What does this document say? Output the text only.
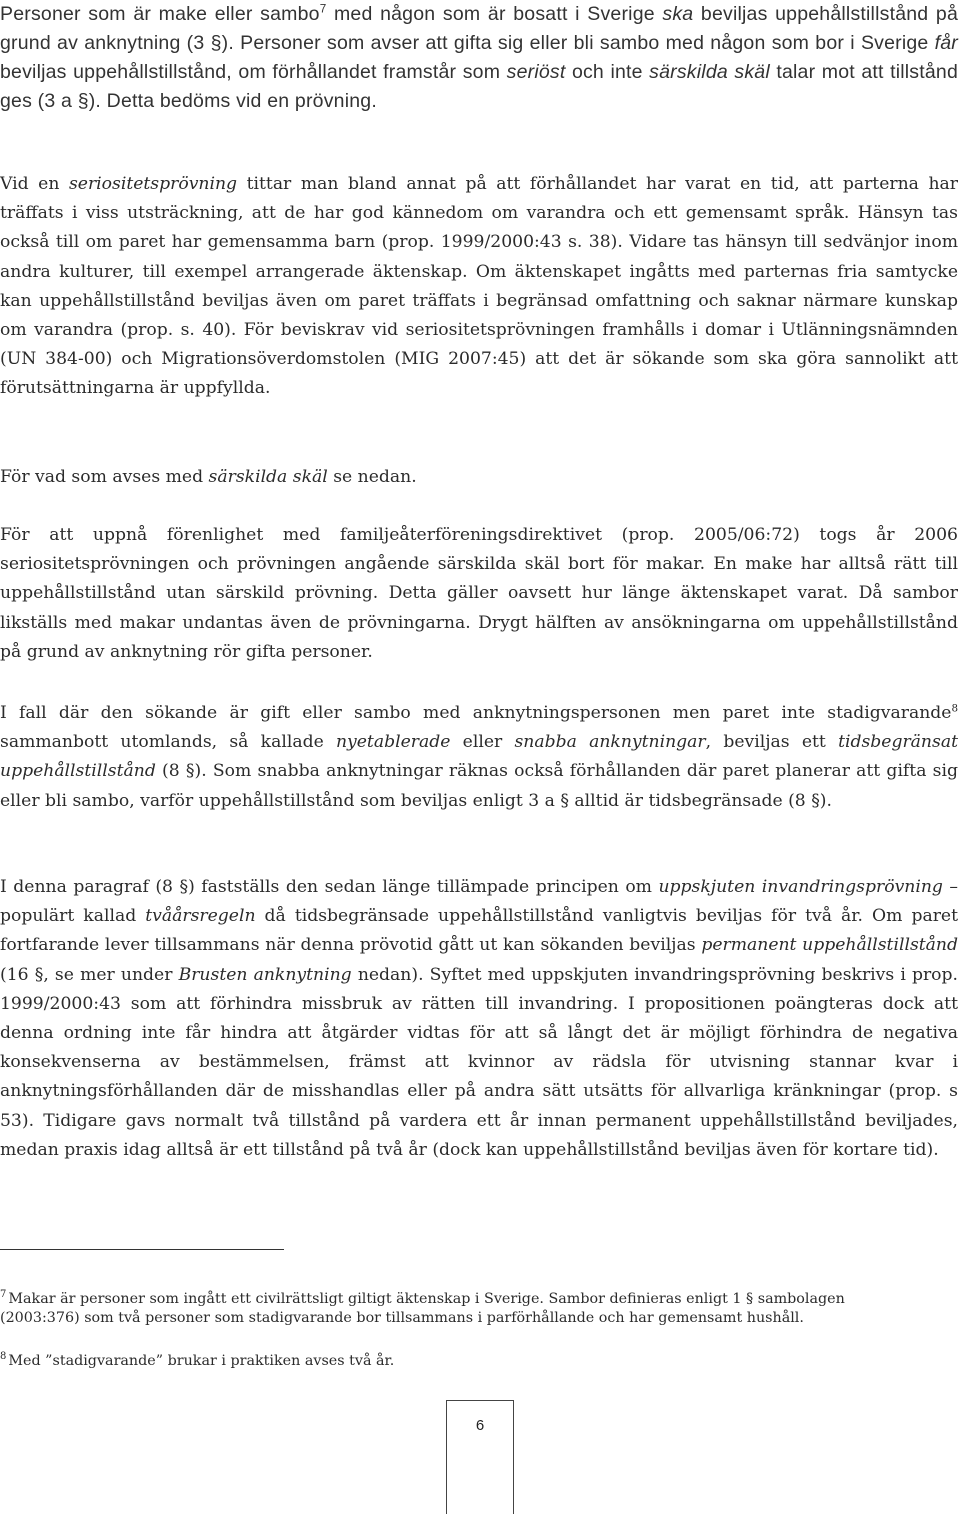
Personer som är make eller sambo$^7$ med någon som är bosatt i Sverige ska beviljas uppehållstillstånd på grund av anknytning (3 §). Personer som avser att gifta sig eller bli sambo med någon som bor i Sverige får beviljas uppehållstillstånd, om förhållandet framstår som seriöst och inte särskilda skäl talar mot att tillstånd ges (3 a §). Detta bedöms vid en prövning.

Vid en seriositetsprövning tittar man bland annat på att förhållandet har varat en tid, att parterna har träffats i viss utsträckning, att de har god kännedom om varandra och ett gemensamt språk. Hänsyn tas också till om paret har gemensamma barn (prop. 1999/2000:43 s. 38). Vidare tas hänsyn till sedvänjor inom andra kulturer, till exempel arrangerade äktenskap. Om äktenskapet ingåtts med parternas fria samtycke kan uppehållstillstånd beviljas även om paret träffats i begränsad omfattning och saknar närmare kunskap om varandra (prop. s. 40). För beviskrav vid seriositetsprövningen framhålls i domar i Utlänningsnämnden (UN 384-00) och Migrationsöverdomstolen (MIG 2007:45) att det är sökande som ska göra sannolikt att förutsättningarna är uppfyllda.

För vad som avses med särskilda skäl se nedan.

För att uppnå förenlighet med familjeåterföreningsdirektivet (prop. 2005/06:72) togs år 2006 seriositetsprövningen och prövningen angående särskilda skäl bort för makar. En make har alltså rätt till uppehållstillstånd utan särskild prövning. Detta gäller oavsett hur länge äktenskapet varat. Då sambor likställs med makar undantas även de prövningarna. Drygt hälften av ansökningarna om uppehållstillstånd på grund av anknytning rör gifta personer.

I fall där den sökande är gift eller sambo med anknytningspersonen men paret inte stadigvarande$^8$ sammanbott utomlands, så kallade nyetablerade eller snabba anknytningar, beviljas ett tidsbegränsat uppehållstillstånd (8 §). Som snabba anknytningar räknas också förhållanden där paret planerar att gifta sig eller bli sambo, varför uppehållstillstånd som beviljas enligt 3 a § alltid är tidsbegränsade (8 §).

I denna paragraf (8 §) fastställs den sedan länge tillämpade principen om uppskjuten invandringsprövning – populärt kallad tvåårsregeln då tidsbegränsade uppehållstillstånd vanligtvis beviljas för två år. Om paret fortfarande lever tillsammans när denna prövotid gått ut kan sökanden beviljas permanent uppehållstillstånd (16 §, se mer under Brusten anknytning nedan). Syftet med uppskjuten invandringsprövning beskrivs i prop. 1999/2000:43 som att förhindra missbruk av rätten till invandring. I propositionen poängteras dock att denna ordning inte får hindra att åtgärder vidtas för att så långt det är möjligt förhindra de negativa konsekvenserna av bestämmelsen, främst att kvinnor av rädsla för utvisning stannar kvar i anknytningsförhållanden där de misshandlas eller på andra sätt utsätts för allvarliga kränkningar (prop. s 53). Tidigare gavs normalt två tillstånd på vardera ett år innan permanent uppehållstillstånd beviljades, medan praxis idag alltså är ett tillstånd på två år (dock kan uppehållstillstånd beviljas även för kortare tid).

$^7$ Makar är personer som ingått ett civilrättsligt giltigt äktenskap i Sverige. Sambor definieras enligt 1 § sambolagen (2003:376) som två personer som stadigvarande bor tillsammans i parförhållande och har gemensamt hushåll.
$^8$ Med ”stadigvarande” brukar i praktiken avses två år.
6
